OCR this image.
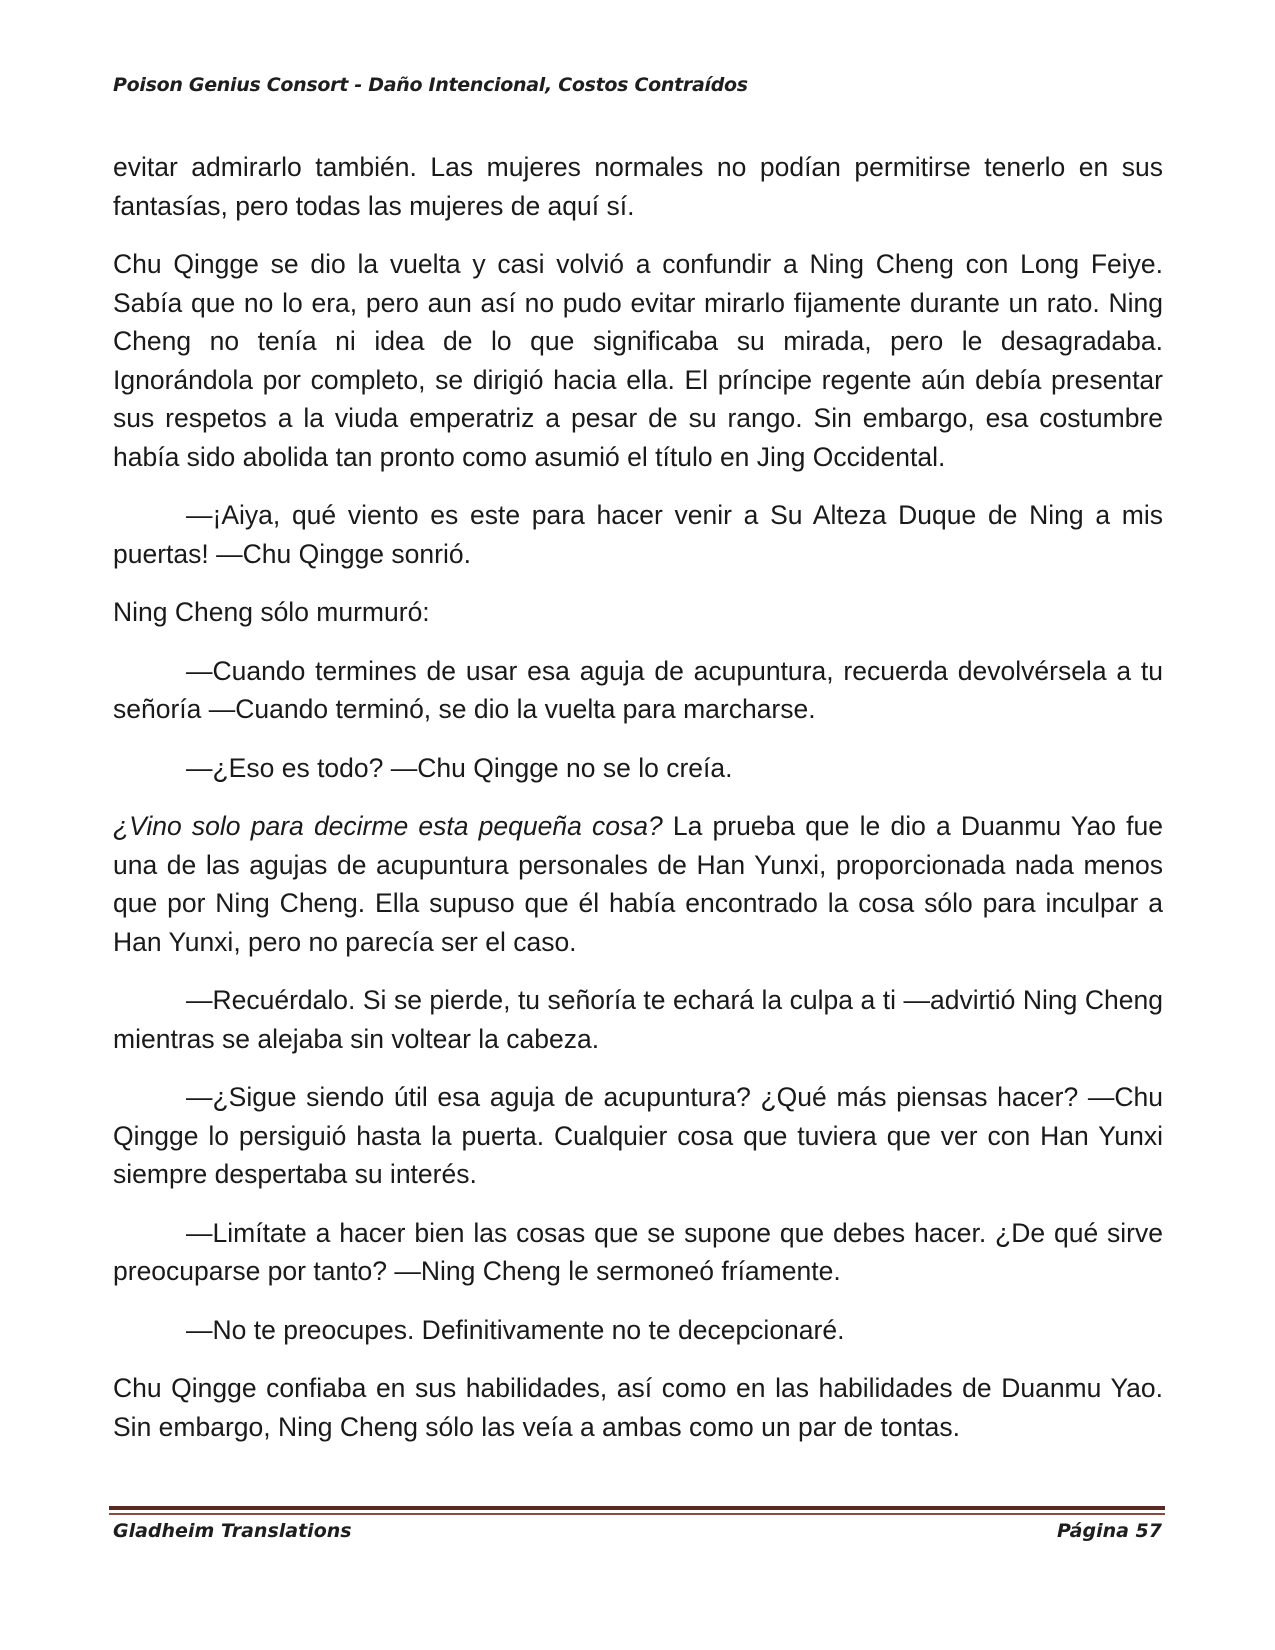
Poison Genius Consort - Daño Intencional, Costos Contraídos

evitar admirarlo también. Las mujeres normales no podían permitirse tenerlo en sus fantasías, pero todas las mujeres de aquí sí.

Chu Qingge se dio la vuelta y casi volvió a confundir a Ning Cheng con Long Feiye. Sabía que no lo era, pero aun así no pudo evitar mirarlo fijamente durante un rato. Ning Cheng no tenía ni idea de lo que significaba su mirada, pero le desagradaba. Ignorándola por completo, se dirigió hacia ella. El príncipe regente aún debía presentar sus respetos a la viuda emperatriz a pesar de su rango. Sin embargo, esa costumbre había sido abolida tan pronto como asumió el título en Jing Occidental.

—¡Aiya, qué viento es este para hacer venir a Su Alteza Duque de Ning a mis puertas! —Chu Qingge sonrió.

Ning Cheng sólo murmuró:

—Cuando termines de usar esa aguja de acupuntura, recuerda devolvérsela a tu señoría —Cuando terminó, se dio la vuelta para marcharse.

—¿Eso es todo? —Chu Qingge no se lo creía.

¿Vino solo para decirme esta pequeña cosa? La prueba que le dio a Duanmu Yao fue una de las agujas de acupuntura personales de Han Yunxi, proporcionada nada menos que por Ning Cheng. Ella supuso que él había encontrado la cosa sólo para inculpar a Han Yunxi, pero no parecía ser el caso.

—Recuérdalo. Si se pierde, tu señoría te echará la culpa a ti —advirtió Ning Cheng mientras se alejaba sin voltear la cabeza.

—¿Sigue siendo útil esa aguja de acupuntura? ¿Qué más piensas hacer? —Chu Qingge lo persiguió hasta la puerta. Cualquier cosa que tuviera que ver con Han Yunxi siempre despertaba su interés.

—Limítate a hacer bien las cosas que se supone que debes hacer. ¿De qué sirve preocuparse por tanto? —Ning Cheng le sermoneó fríamente.

—No te preocupes. Definitivamente no te decepcionaré.

Chu Qingge confiaba en sus habilidades, así como en las habilidades de Duanmu Yao. Sin embargo, Ning Cheng sólo las veía a ambas como un par de tontas.

Gladheim Translations	Página 57
